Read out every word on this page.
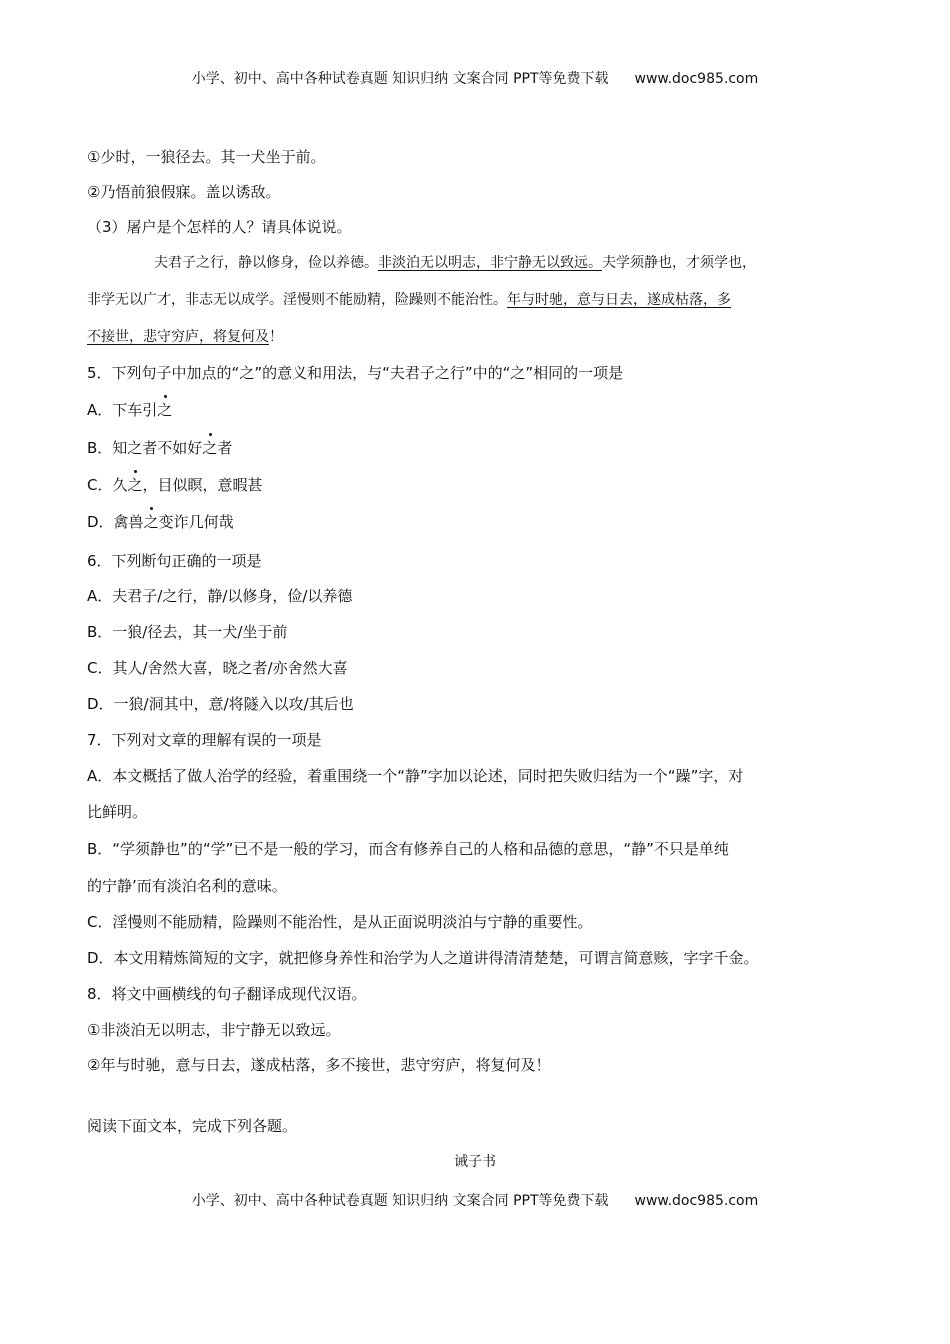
小学、初中、高中各种试卷真题 知识归纳 文案合同 PPT等免费下载 www.doc985.com
①少时，一狼径去。其一犬坐于前。
②乃悟前狼假寐。盖以诱敌。
（3）屠户是个怎样的人？请具体说说。
夫君子之行，静以修身，俭以养德。非淡泊无以明志，非宁静无以致远。夫学须静也，才须学也，
非学无以广才，非志无以成学。淫慢则不能励精，险躁则不能治性。年与时驰，意与日去，遂成枯落，多
不接世，悲守穷庐，将复何及！
5．下列句子中加点的“之”的意义和用法，与“夫君子之行”中的“之”相同的一项是
A．下车引之
B．知之者不如好之者
C．久之，目似瞑，意暇甚
D．禽兽之变诈几何哉
6．下列断句正确的一项是
A．夫君子/之行，静/以修身，俭/以养德
B．一狼/径去，其一犬/坐于前
C．其人/舍然大喜，晓之者/亦舍然大喜
D．一狼/洞其中，意/将隧入以攻/其后也
7．下列对文章的理解有误的一项是
A．本文概括了做人治学的经验，着重围绕一个“静”字加以论述，同时把失败归结为一个“躁”字，对
比鲜明。
B．“学须静也”的“学”已不是一般的学习，而含有修养自己的人格和品德的意思，“静”不只是单纯
的宁静’而有淡泊名利的意味。
C．淫慢则不能励精，险躁则不能治性，是从正面说明淡泊与宁静的重要性。
D．本文用精炼简短的文字，就把修身养性和治学为人之道讲得清清楚楚，可谓言简意赅，字字千金。
8．将文中画横线的句子翻译成现代汉语。
①非淡泊无以明志，非宁静无以致远。
②年与时驰，意与日去，遂成枯落，多不接世，悲守穷庐，将复何及！
阅读下面文本，完成下列各题。
诫子书
小学、初中、高中各种试卷真题 知识归纳 文案合同 PPT等免费下载 www.doc985.com
